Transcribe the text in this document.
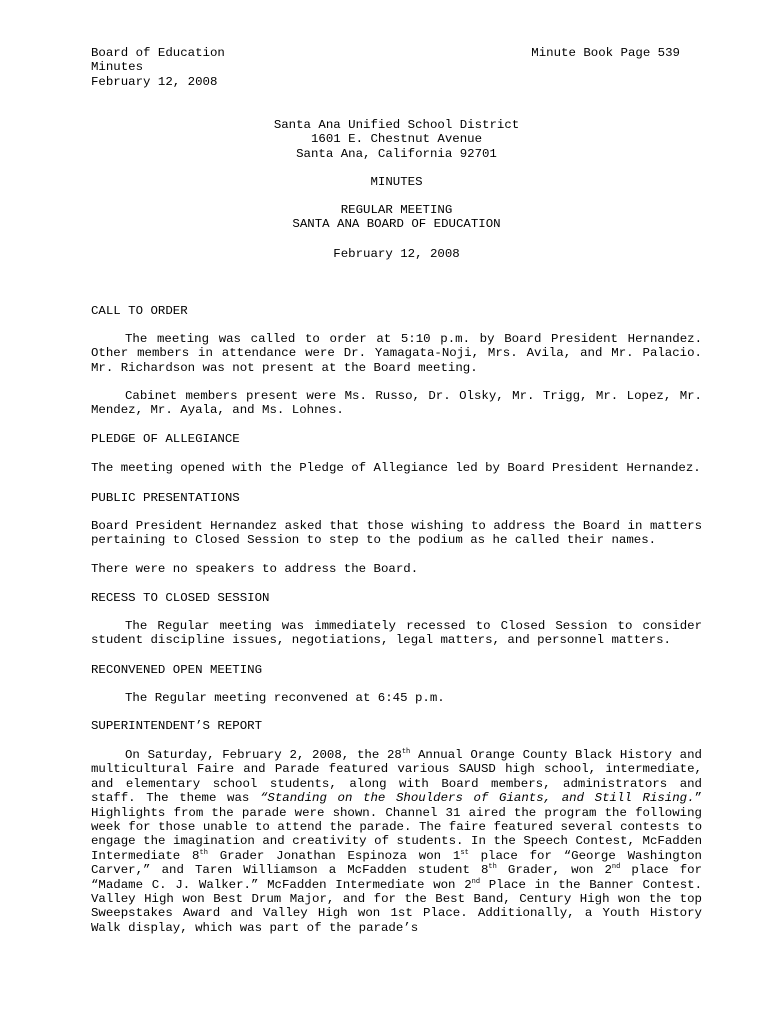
Board of Education	Minute Book Page 539
Minutes
February 12, 2008
Santa Ana Unified School District
1601 E. Chestnut Avenue
Santa Ana, California 92701
MINUTES
REGULAR MEETING
SANTA ANA BOARD OF EDUCATION
February 12, 2008
CALL TO ORDER
The meeting was called to order at 5:10 p.m. by Board President Hernandez. Other members in attendance were Dr. Yamagata-Noji, Mrs. Avila, and Mr. Palacio. Mr. Richardson was not present at the Board meeting.
Cabinet members present were Ms. Russo, Dr. Olsky, Mr. Trigg, Mr. Lopez, Mr. Mendez, Mr. Ayala, and Ms. Lohnes.
PLEDGE OF ALLEGIANCE
The meeting opened with the Pledge of Allegiance led by Board President Hernandez.
PUBLIC PRESENTATIONS
Board President Hernandez asked that those wishing to address the Board in matters pertaining to Closed Session to step to the podium as he called their names.
There were no speakers to address the Board.
RECESS TO CLOSED SESSION
The Regular meeting was immediately recessed to Closed Session to consider student discipline issues, negotiations, legal matters, and personnel matters.
RECONVENED OPEN MEETING
The Regular meeting reconvened at 6:45 p.m.
SUPERINTENDENT’S REPORT
On Saturday, February 2, 2008, the 28th Annual Orange County Black History and multicultural Faire and Parade featured various SAUSD high school, intermediate, and elementary school students, along with Board members, administrators and staff. The theme was “Standing on the Shoulders of Giants, and Still Rising.” Highlights from the parade were shown. Channel 31 aired the program the following week for those unable to attend the parade. The faire featured several contests to engage the imagination and creativity of students. In the Speech Contest, McFadden Intermediate 8th Grader Jonathan Espinoza won 1st place for “George Washington Carver,” and Taren Williamson a McFadden student 8th Grader, won 2nd place for “Madame C. J. Walker.” McFadden Intermediate won 2nd Place in the Banner Contest. Valley High won Best Drum Major, and for the Best Band, Century High won the top Sweepstakes Award and Valley High won 1st Place. Additionally, a Youth History Walk display, which was part of the parade’s
